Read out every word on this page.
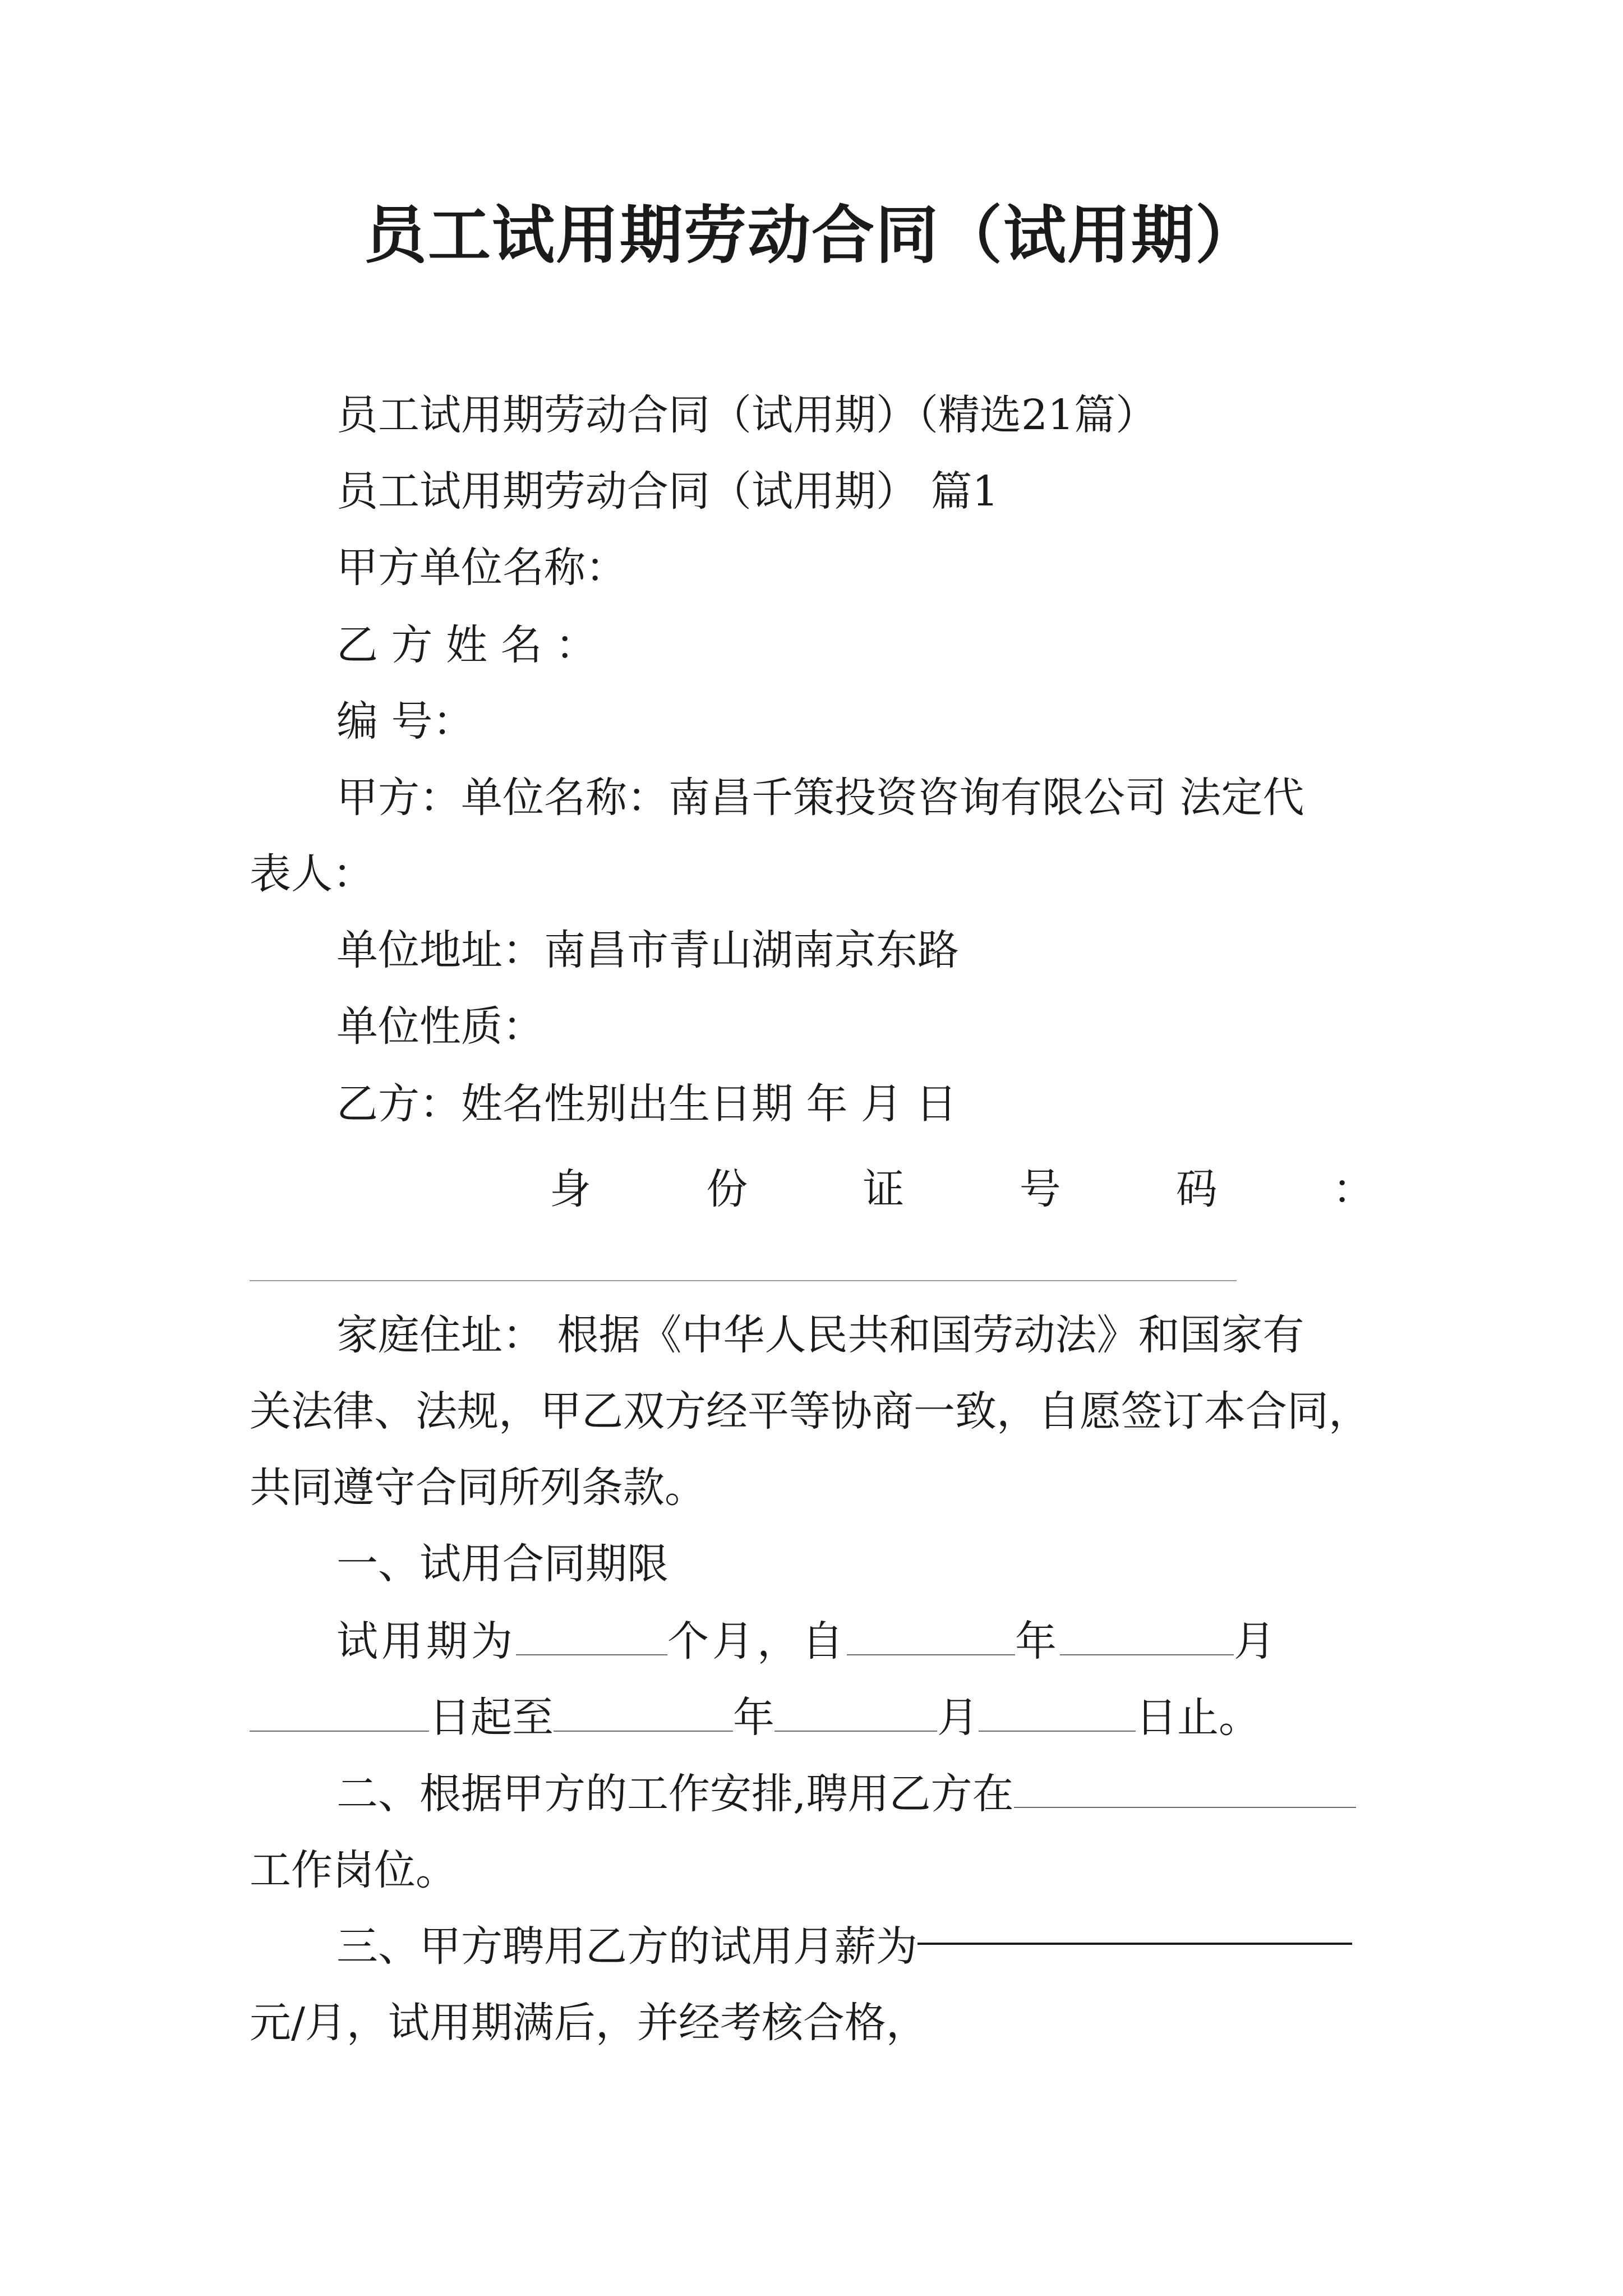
员工试用期劳动合同（试用期）
员工试用期劳动合同（试用期）（精选21篇）
员工试用期劳动合同（试用期） 篇1
甲方单位名称：
乙 方 姓 名 ：
编 号：
甲方：单位名称：南昌千策投资咨询有限公司 法定代
表人：
单位地址：南昌市青山湖南京东路
单位性质：
乙方：姓名性别出生日期 年 月 日
身	份	证	号	码	：
家庭住址： 根据《中华人民共和国劳动法》和国家有
关法律、法规，甲乙双方经平等协商一致，自愿签订本合同，
共同遵守合同所列条款。
一、试用合同期限
试用期为	个月，自	年	月
日起至	年	月	日止。
二、根据甲方的工作安排,聘用乙方在
工作岗位。
三、甲方聘用乙方的试用月薪为
元/月，试用期满后，并经考核合格，
